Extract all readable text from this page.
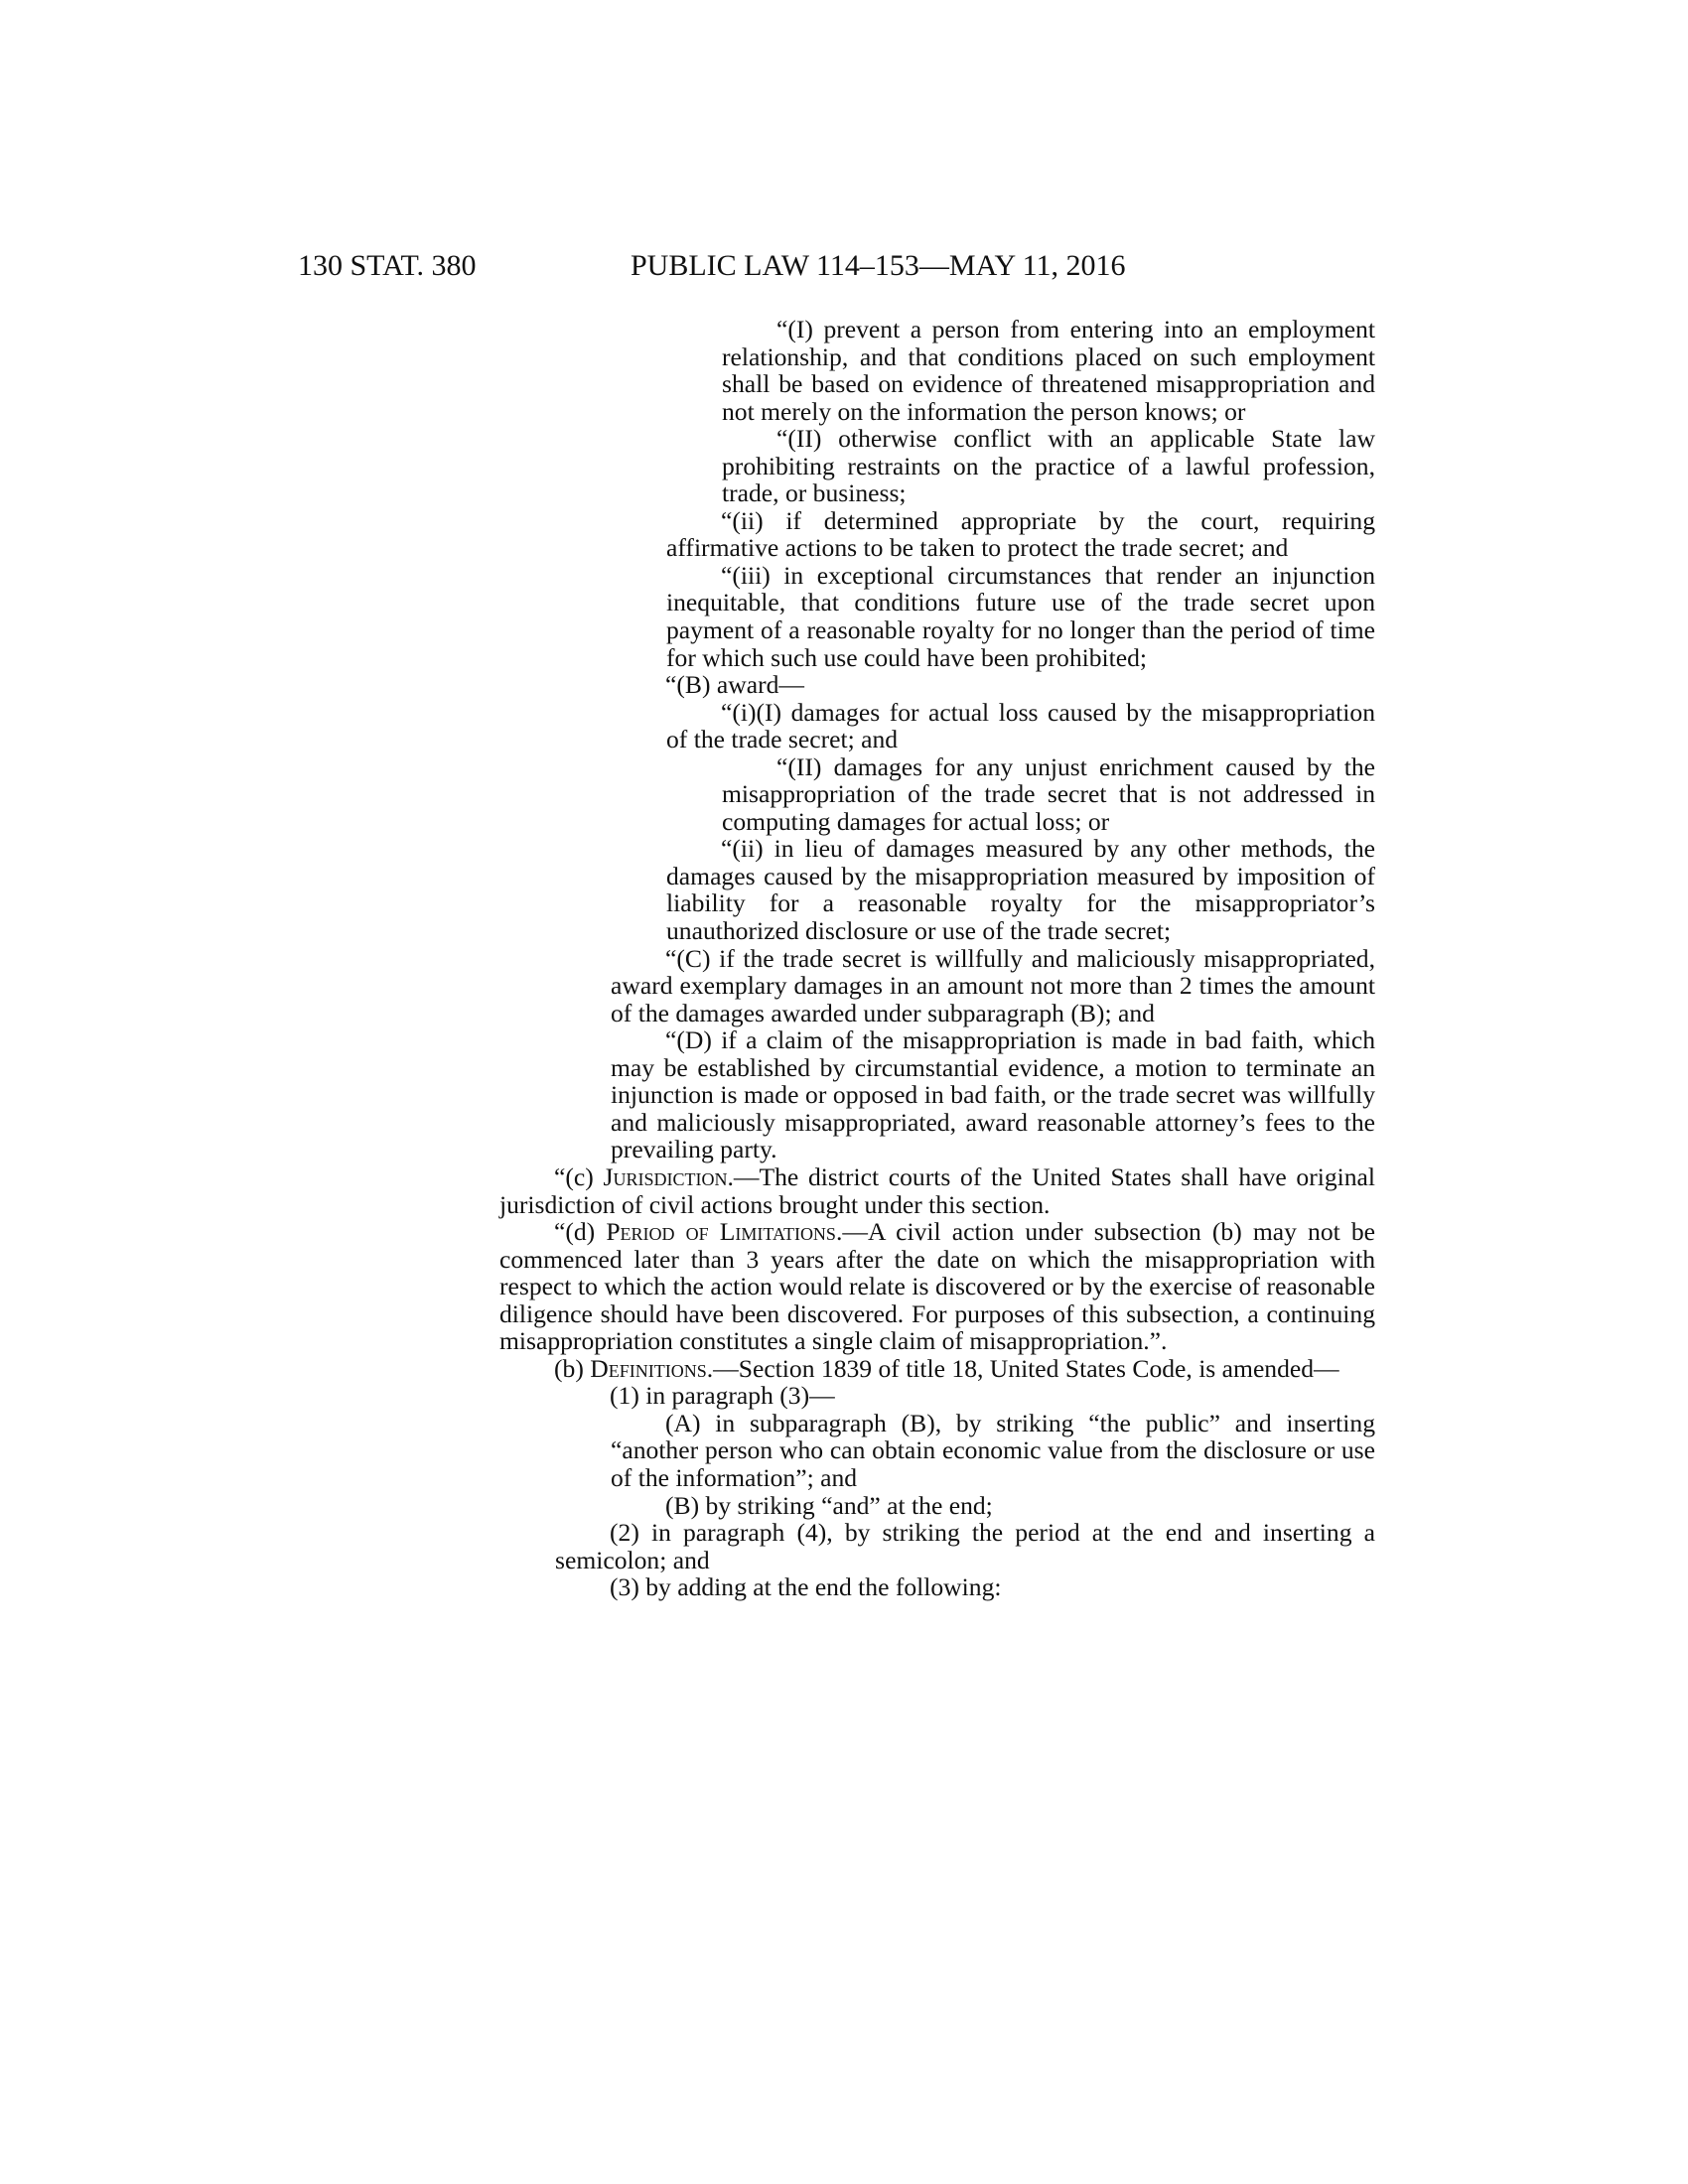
130 STAT. 380	PUBLIC LAW 114–153—MAY 11, 2016

“(I) prevent a person from entering into an employment relationship, and that conditions placed on such employment shall be based on evidence of threatened misappropriation and not merely on the information the person knows; or

“(II) otherwise conflict with an applicable State law prohibiting restraints on the practice of a lawful profession, trade, or business;

“(ii) if determined appropriate by the court, requiring affirmative actions to be taken to protect the trade secret; and

“(iii) in exceptional circumstances that render an injunction inequitable, that conditions future use of the trade secret upon payment of a reasonable royalty for no longer than the period of time for which such use could have been prohibited;

“(B) award—

“(i)(I) damages for actual loss caused by the misappropriation of the trade secret; and

“(II) damages for any unjust enrichment caused by the misappropriation of the trade secret that is not addressed in computing damages for actual loss; or

“(ii) in lieu of damages measured by any other methods, the damages caused by the misappropriation measured by imposition of liability for a reasonable royalty for the misappropriator’s unauthorized disclosure or use of the trade secret;

“(C) if the trade secret is willfully and maliciously misappropriated, award exemplary damages in an amount not more than 2 times the amount of the damages awarded under subparagraph (B); and

“(D) if a claim of the misappropriation is made in bad faith, which may be established by circumstantial evidence, a motion to terminate an injunction is made or opposed in bad faith, or the trade secret was willfully and maliciously misappropriated, award reasonable attorney’s fees to the prevailing party.

“(c) Jurisdiction.—The district courts of the United States shall have original jurisdiction of civil actions brought under this section.

“(d) Period of Limitations.—A civil action under subsection (b) may not be commenced later than 3 years after the date on which the misappropriation with respect to which the action would relate is discovered or by the exercise of reasonable diligence should have been discovered. For purposes of this subsection, a continuing misappropriation constitutes a single claim of misappropriation.”.

(b) Definitions.—Section 1839 of title 18, United States Code, is amended—

(1) in paragraph (3)—

(A) in subparagraph (B), by striking “the public” and inserting “another person who can obtain economic value from the disclosure or use of the information”; and

(B) by striking “and” at the end;

(2) in paragraph (4), by striking the period at the end and inserting a semicolon; and

(3) by adding at the end the following:
